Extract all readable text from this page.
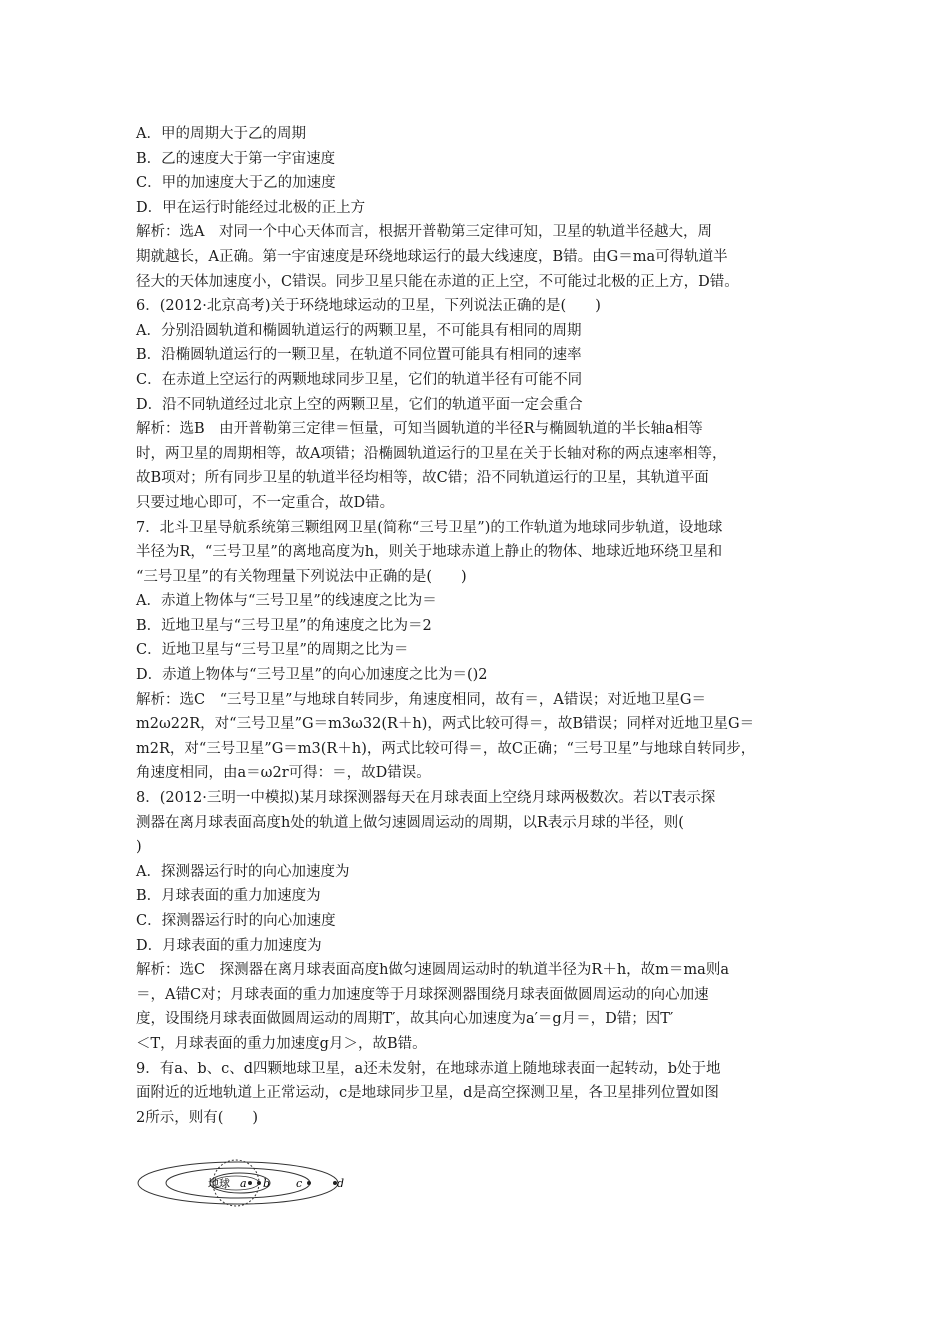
A．甲的周期大于乙的周期
B．乙的速度大于第一宇宙速度
C．甲的加速度大于乙的加速度
D．甲在运行时能经过北极的正上方
解析：选A　对同一个中心天体而言，根据开普勒第三定律可知，卫星的轨道半径越大，周
期就越长，A正确。第一宇宙速度是环绕地球运行的最大线速度，B错。由G＝ma可得轨道半
径大的天体加速度小，C错误。同步卫星只能在赤道的正上空，不可能过北极的正上方，D错。
6．(2012·北京高考)关于环绕地球运动的卫星，下列说法正确的是(　　)
A．分别沿圆轨道和椭圆轨道运行的两颗卫星，不可能具有相同的周期
B．沿椭圆轨道运行的一颗卫星，在轨道不同位置可能具有相同的速率
C．在赤道上空运行的两颗地球同步卫星，它们的轨道半径有可能不同
D．沿不同轨道经过北京上空的两颗卫星，它们的轨道平面一定会重合
解析：选B　由开普勒第三定律＝恒量，可知当圆轨道的半径R与椭圆轨道的半长轴a相等
时，两卫星的周期相等，故A项错；沿椭圆轨道运行的卫星在关于长轴对称的两点速率相等，
故B项对；所有同步卫星的轨道半径均相等，故C错；沿不同轨道运行的卫星，其轨道平面
只要过地心即可，不一定重合，故D错。
7．北斗卫星导航系统第三颗组网卫星(简称“三号卫星”)的工作轨道为地球同步轨道，设地球
半径为R，“三号卫星”的离地高度为h，则关于地球赤道上静止的物体、地球近地环绕卫星和
“三号卫星”的有关物理量下列说法中正确的是(　　)
A．赤道上物体与“三号卫星”的线速度之比为＝
B．近地卫星与“三号卫星”的角速度之比为＝2
C．近地卫星与“三号卫星”的周期之比为＝
D．赤道上物体与“三号卫星”的向心加速度之比为＝()2
解析：选C　“三号卫星”与地球自转同步，角速度相同，故有＝，A错误；对近地卫星G＝
m2ω22R，对“三号卫星”G＝m3ω32(R＋h)，两式比较可得＝，故B错误；同样对近地卫星G＝
m2R，对“三号卫星”G＝m3(R＋h)，两式比较可得＝，故C正确；“三号卫星”与地球自转同步，
角速度相同，由a＝ω2r可得：＝，故D错误。
8．(2012·三明一中模拟)某月球探测器每天在月球表面上空绕月球两极数次。若以T表示探
测器在离月球表面高度h处的轨道上做匀速圆周运动的周期，以R表示月球的半径，则(
)
A．探测器运行时的向心加速度为
B．月球表面的重力加速度为
C．探测器运行时的向心加速度
D．月球表面的重力加速度为
解析：选C　探测器在离月球表面高度h做匀速圆周运动时的轨道半径为R＋h，故m＝ma则a
＝，A错C对；月球表面的重力加速度等于月球探测器围绕月球表面做圆周运动的向心加速
度，设围绕月球表面做圆周运动的周期T′，故其向心加速度为a′＝g月＝，D错；因T′
＜T，月球表面的重力加速度g月＞，故B错。
9．有a、b、c、d四颗地球卫星，a还未发射，在地球赤道上随地球表面一起转动，b处于地
面附近的近地轨道上正常运动，c是地球同步卫星，d是高空探测卫星，各卫星排列位置如图
2所示，则有(　　)
地球 a b c	d
